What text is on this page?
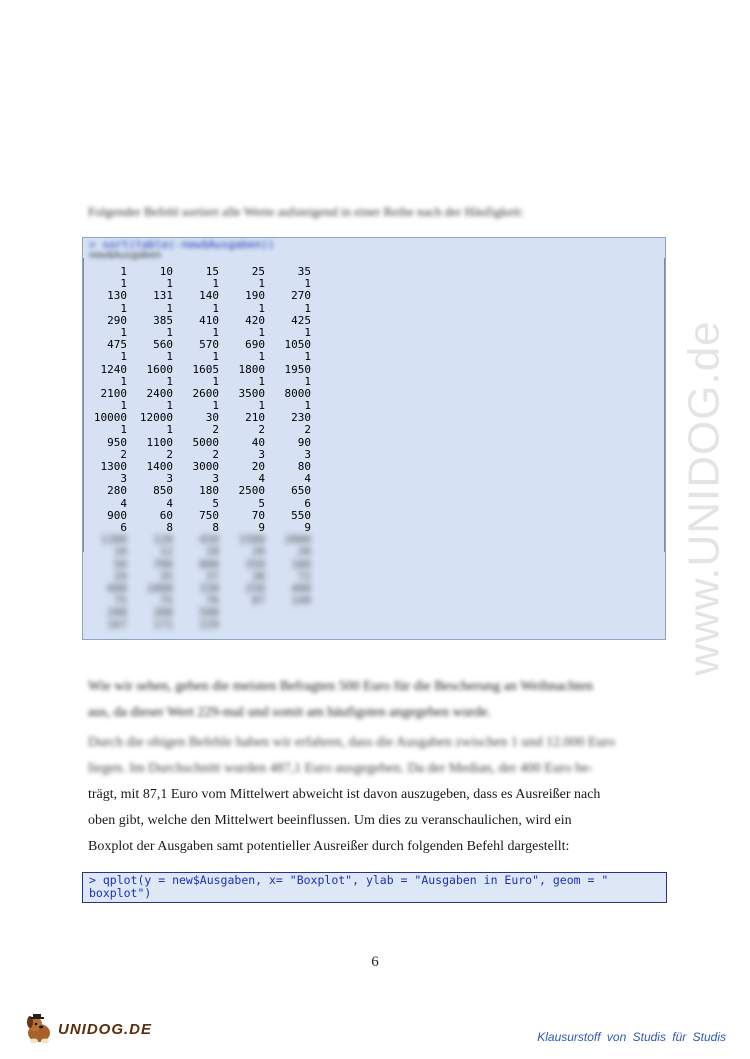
www.UNIDOG.de
Folgender Befehl sortiert alle Werte aufsteigend in einer Reihe nach der Häufigkeit:
> sort(table(-new$Ausgaben))
new$Ausgaben
1	10	15	25	35
1	1	1	1	1
130 131 140 190 270
1	1	1	1	1
290 385 410 420 425
1	1	1	1	1
475 560 570 690 1050
1	1	1	1	1
1240 1600 1605 1800 1950
1	1	1	1	1
2100 2400 2600 3500 8000
1	1	1	1	1
10000 12000	30 210 230
1	1	2	2	2
950 1100 5000	40	90
2	2	2	3	3
1300 1400 3000	20	80
3	3	3	4	4
280 850 180 2500 650
4	4	5	5	6
900	60 750	70 550
6	8	8	9	9
1200 120 450 1500 2000
10	12	18	20	20
50 700 800 350 100
29	35	37	38	72
600 1000 150 250 400
75	75	76	87 149
200 300 500
167 171 229
Wie wir sehen, geben die meisten Befragten 500 Euro für die Bescherung an Weihnachten
aus, da dieser Wert 229-mal und somit am häufigsten angegeben wurde.
Durch die obigen Befehle haben wir erfahren, dass die Ausgaben zwischen 1 und 12.000 Euro
liegen. Im Durchschnitt wurden 487,1 Euro ausgegeben. Da der Median, der 400 Euro be-
trägt, mit 87,1 Euro vom Mittelwert abweicht ist davon auszugeben, dass es Ausreißer nach
oben gibt, welche den Mittelwert beeinflussen. Um dies zu veranschaulichen, wird ein
Boxplot der Ausgaben samt potentieller Ausreißer durch folgenden Befehl dargestellt:
> qplot(y = new$Ausgaben, x= "Boxplot", ylab = "Ausgaben in Euro", geom = "
boxplot")
6
UNIDOG.DE	Klausurstoff von Studis für Studis
